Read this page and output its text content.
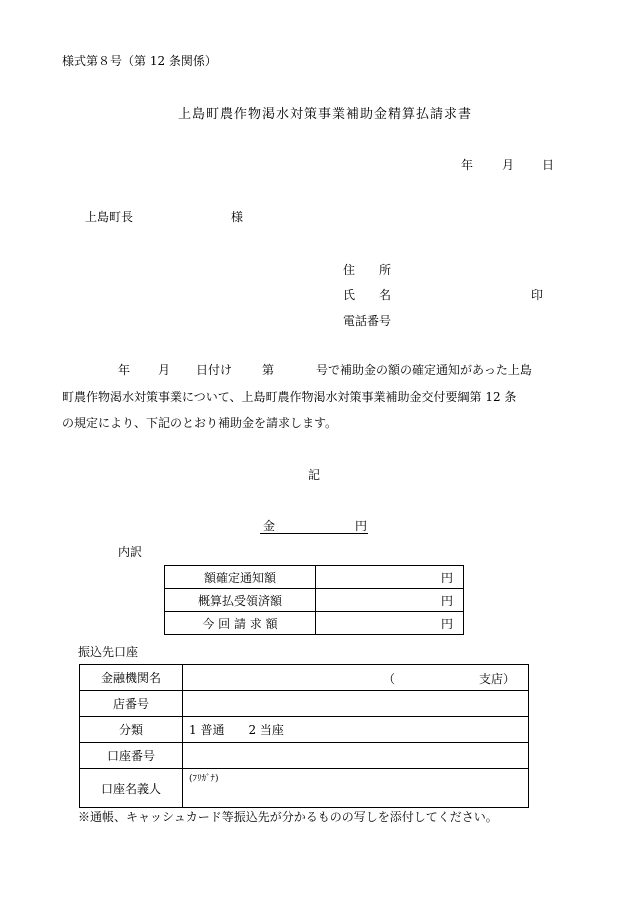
様式第８号（第 12 条関係）
上島町農作物渇水対策事業補助金精算払請求書
年 月 日
上島町長	様
住　　所
氏　　名	印
電話番号
年 月 日付け 第	号で補助金の額の確定通知があった上島
町農作物渇水対策事業について、上島町農作物渇水対策事業補助金交付要綱第 12 条
の規定により、下記のとおり補助金を請求します。
記
金	円
内訳
額確定通知額	円
概算払受領済額	円
今 回 請 求 額	円
振込先口座
金融機関名	（ 支店）

店番号	
分類	1 普通　　2 当座
口座番号	
口座名義人	(ﾌﾘｶﾞﾅ)
※通帳、キャッシュカード等振込先が分かるものの写しを添付してください。
